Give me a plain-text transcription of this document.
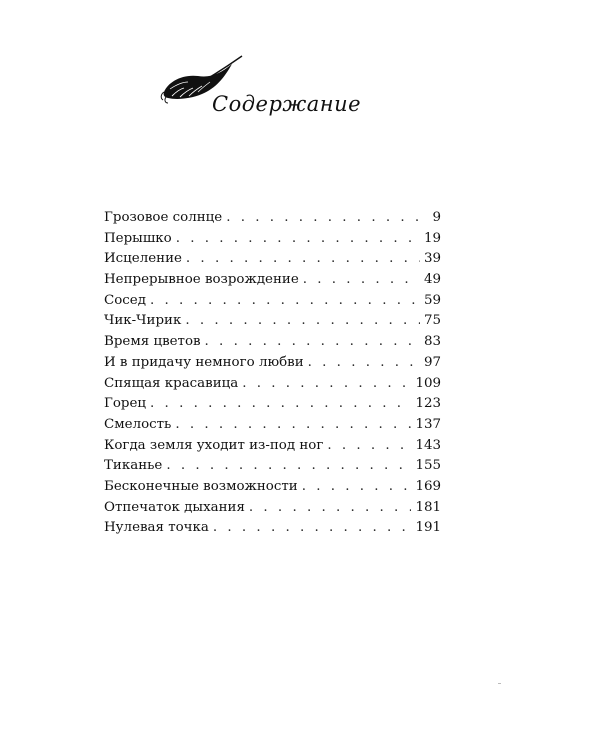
Содержание
Грозовое солнце . . .	9
Перышко . . .	19
Исцеление . . .	39
Непрерывное возрождение . . .	49
Сосед . . .	59
Чик-Чирик . . .	75
Время цветов . . .	83
И в придачу немного любви . . .	97
Спящая красавица . . .	109
Горец . . .	123
Смелость . . .	137
Когда земля уходит из-под ног . . .	143
Тиканье . . .	155
Бесконечные возможности . . .	169
Отпечаток дыхания . . .	181
Нулевая точка . . .	191
